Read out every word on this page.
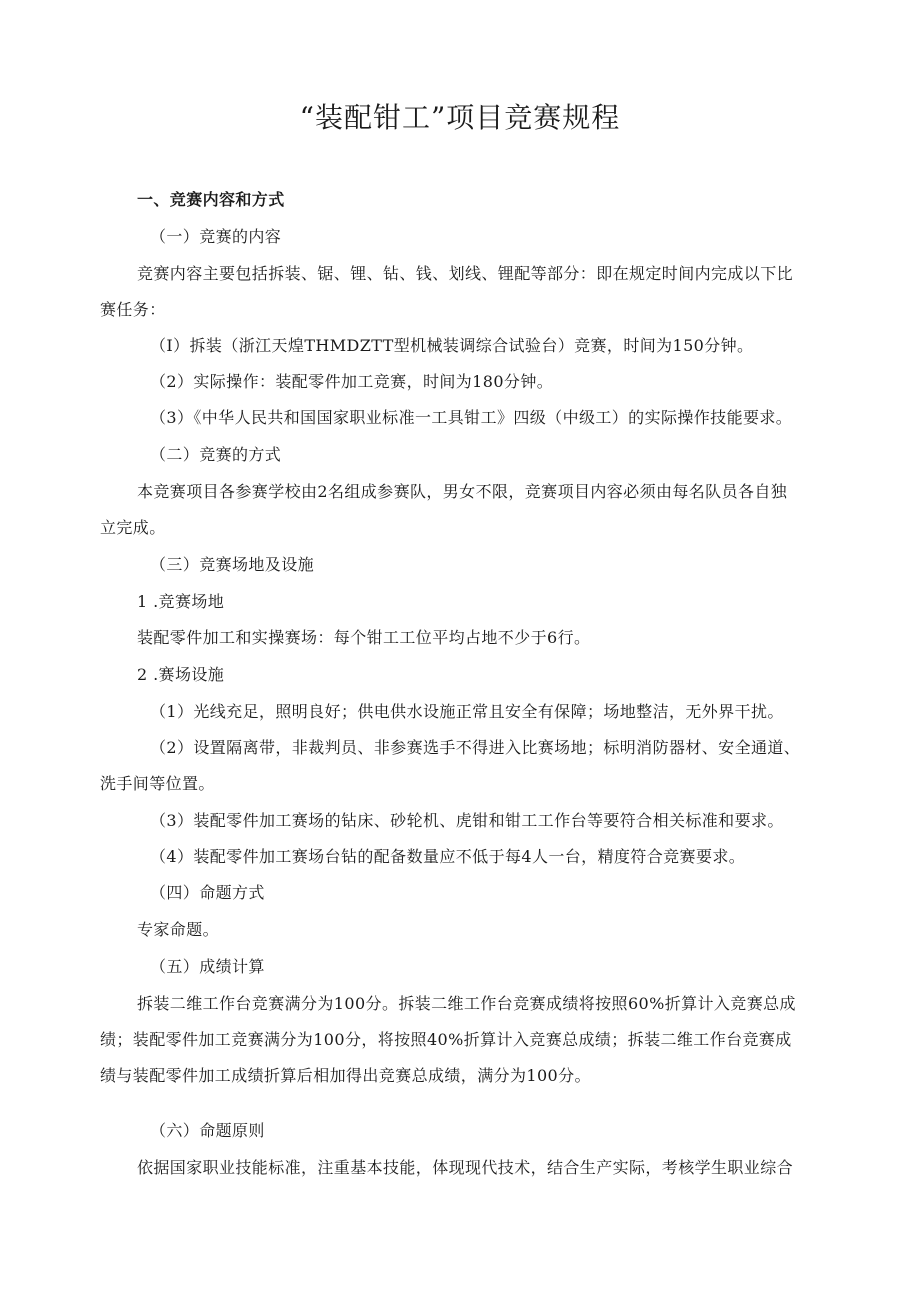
“装配钳工”项目竞赛规程
一、竞赛内容和方式
（一）竞赛的内容
竞赛内容主要包括拆装、锯、锂、钻、钱、划线、锂配等部分：即在规定时间内完成以下比
赛任务：
（I）拆装（浙江天煌THMDZTT型机械装调综合试验台）竞赛，时间为150分钟。
（2）实际操作：装配零件加工竞赛，时间为180分钟。
（3）《中华人民共和国国家职业标准一工具钳工》四级（中级工）的实际操作技能要求。
（二）竞赛的方式
本竞赛项目各参赛学校由2名组成参赛队，男女不限，竞赛项目内容必须由每名队员各自独
立完成。
（三）竞赛场地及设施
1 .竞赛场地
装配零件加工和实操赛场：每个钳工工位平均占地不少于6行。
2 .赛场设施
（1）光线充足，照明良好；供电供水设施正常且安全有保障；场地整洁，无外界干扰。
（2）设置隔离带，非裁判员、非参赛选手不得进入比赛场地；标明消防器材、安全通道、
洗手间等位置。
（3）装配零件加工赛场的钻床、砂轮机、虎钳和钳工工作台等要符合相关标准和要求。
（4）装配零件加工赛场台钻的配备数量应不低于每4人一台，精度符合竞赛要求。
（四）命题方式
专家命题。
（五）成绩计算
拆装二维工作台竞赛满分为100分。拆装二维工作台竞赛成绩将按照60%折算计入竞赛总成
绩；装配零件加工竞赛满分为100分，将按照40%折算计入竞赛总成绩；拆装二维工作台竞赛成
绩与装配零件加工成绩折算后相加得出竞赛总成绩，满分为100分。
（六）命题原则
依据国家职业技能标准，注重基本技能，体现现代技术，结合生产实际，考核学生职业综合
